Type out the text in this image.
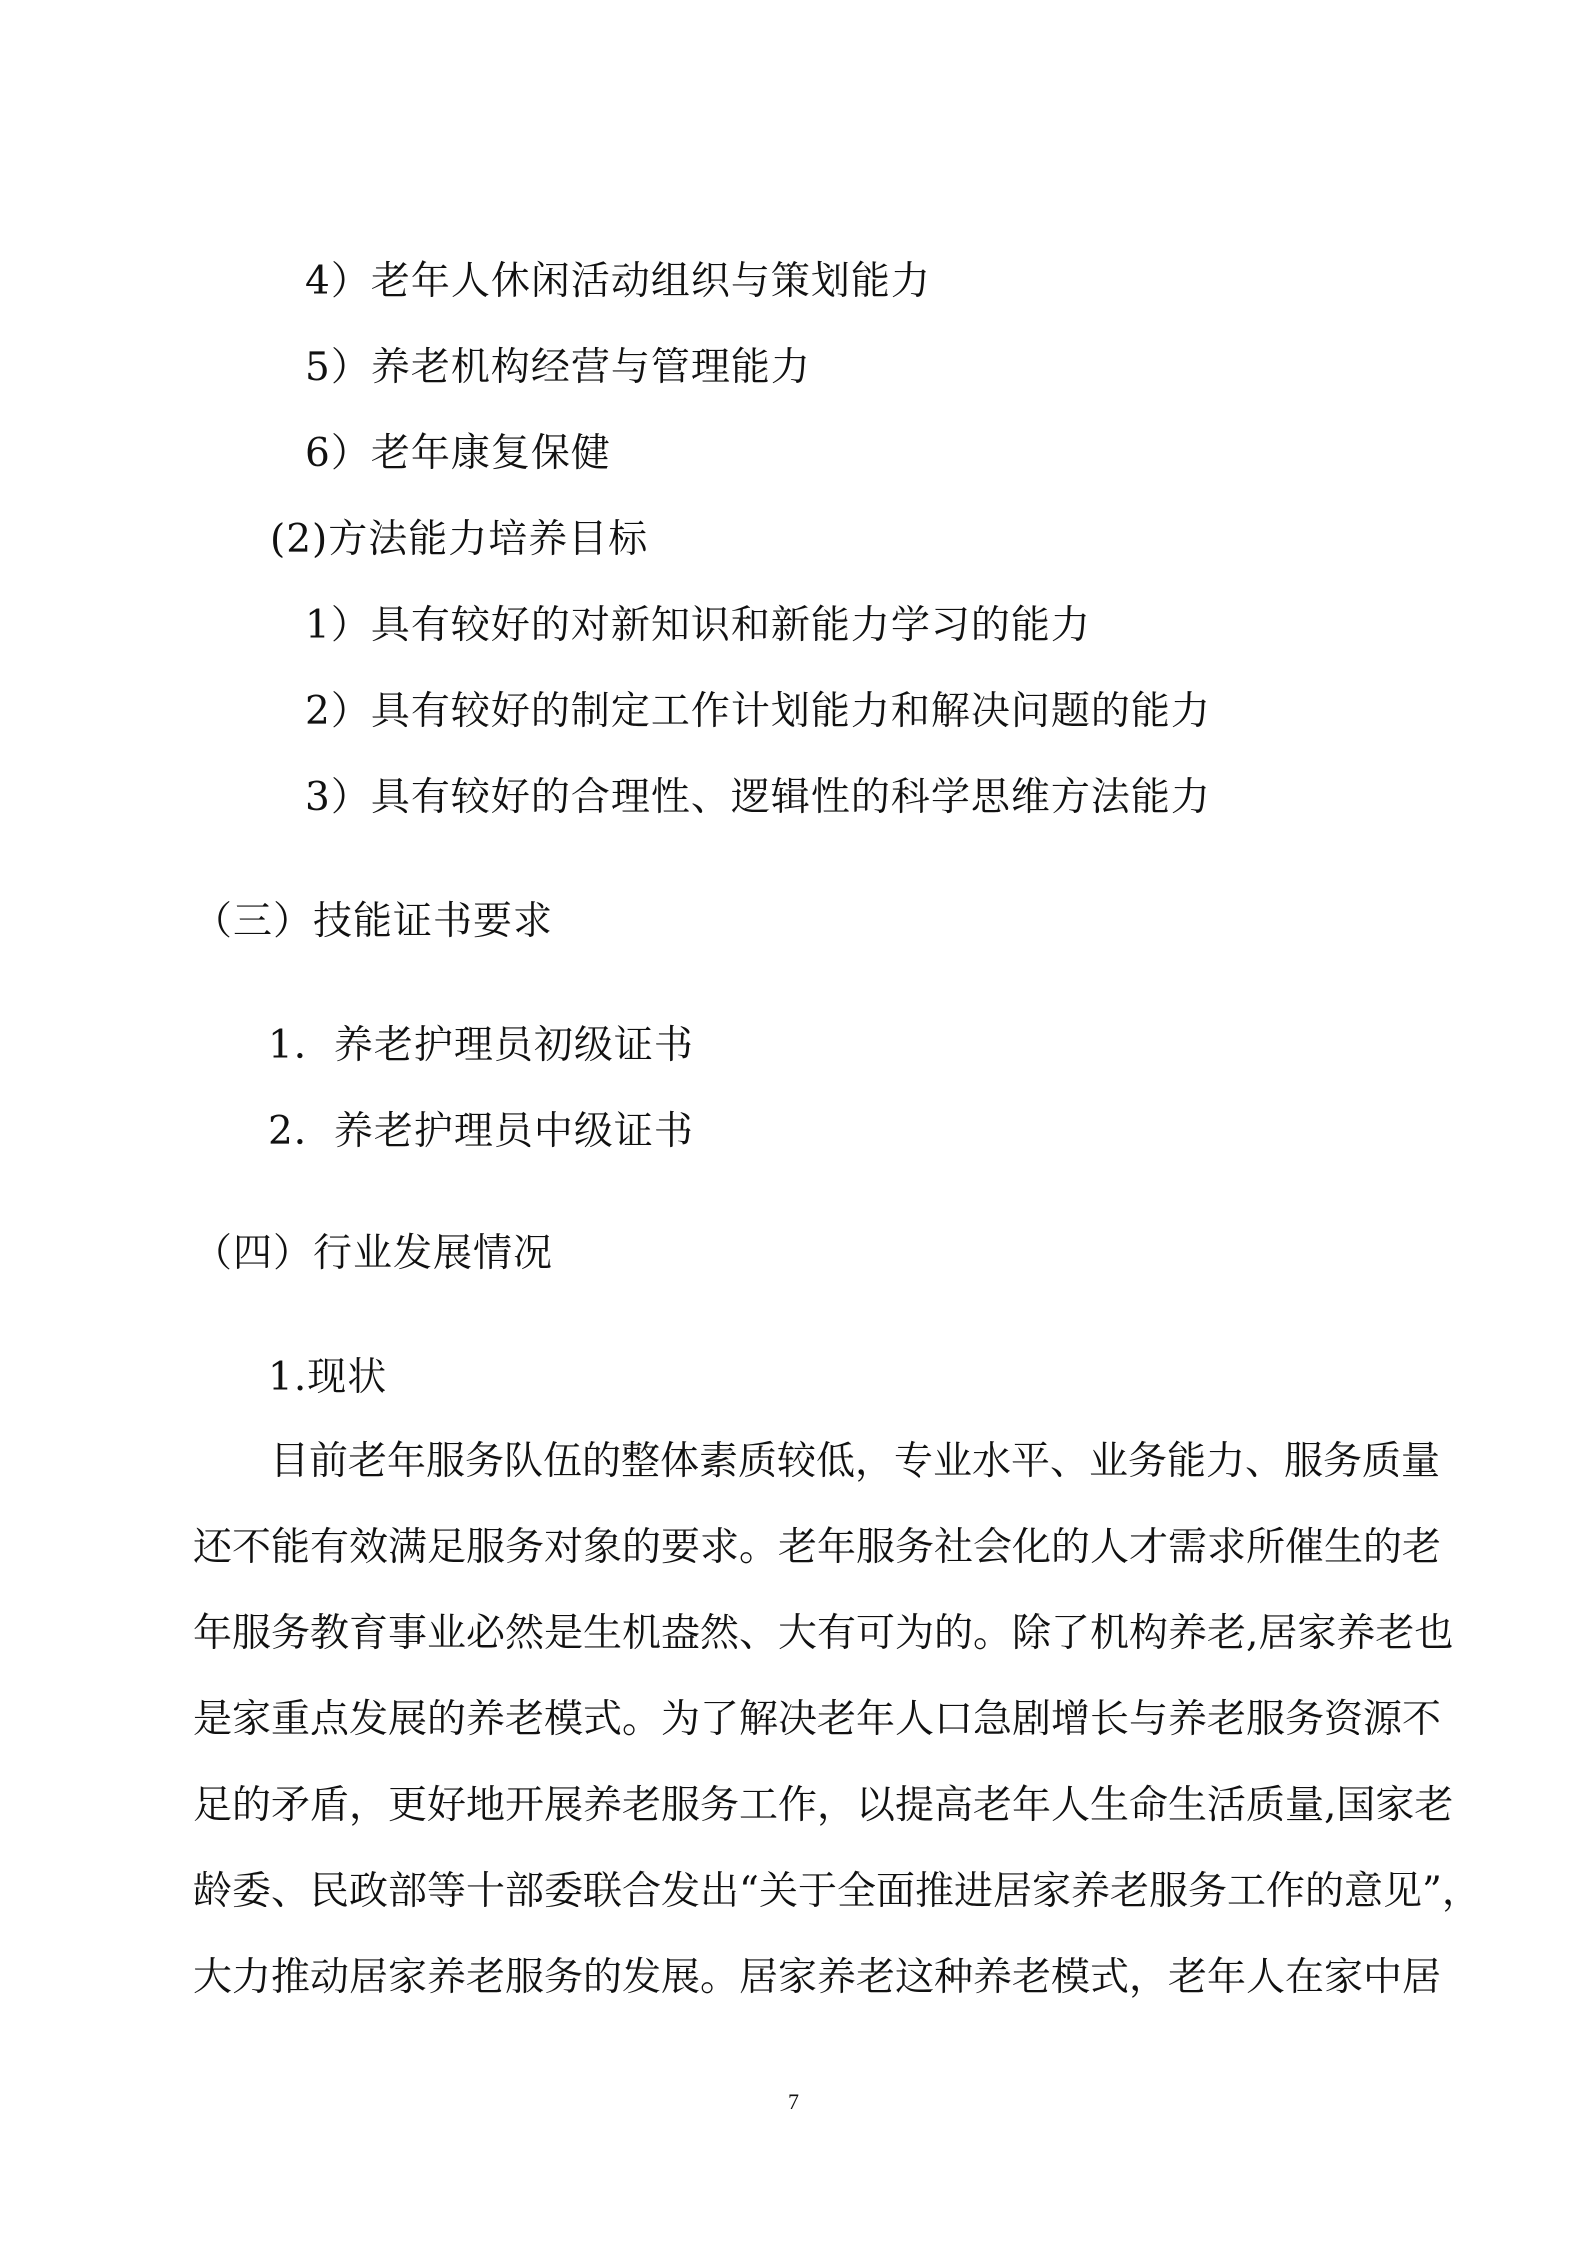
4）老年人休闲活动组织与策划能力
5）养老机构经营与管理能力
6）老年康复保健
(2)方法能力培养目标
1）具有较好的对新知识和新能力学习的能力
2）具有较好的制定工作计划能力和解决问题的能力
3）具有较好的合理性、逻辑性的科学思维方法能力
（三）技能证书要求
1．养老护理员初级证书
2．养老护理员中级证书
（四）行业发展情况
1.现状
目前老年服务队伍的整体素质较低，专业水平、业务能力、服务质量
还不能有效满足服务对象的要求。老年服务社会化的人才需求所催生的老
年服务教育事业必然是生机盎然、大有可为的。除了机构养老,居家养老也
是家重点发展的养老模式。为了解决老年人口急剧增长与养老服务资源不
足的矛盾，更好地开展养老服务工作，以提高老年人生命生活质量,国家老
龄委、民政部等十部委联合发出“关于全面推进居家养老服务工作的意见”，
大力推动居家养老服务的发展。居家养老这种养老模式，老年人在家中居
7
